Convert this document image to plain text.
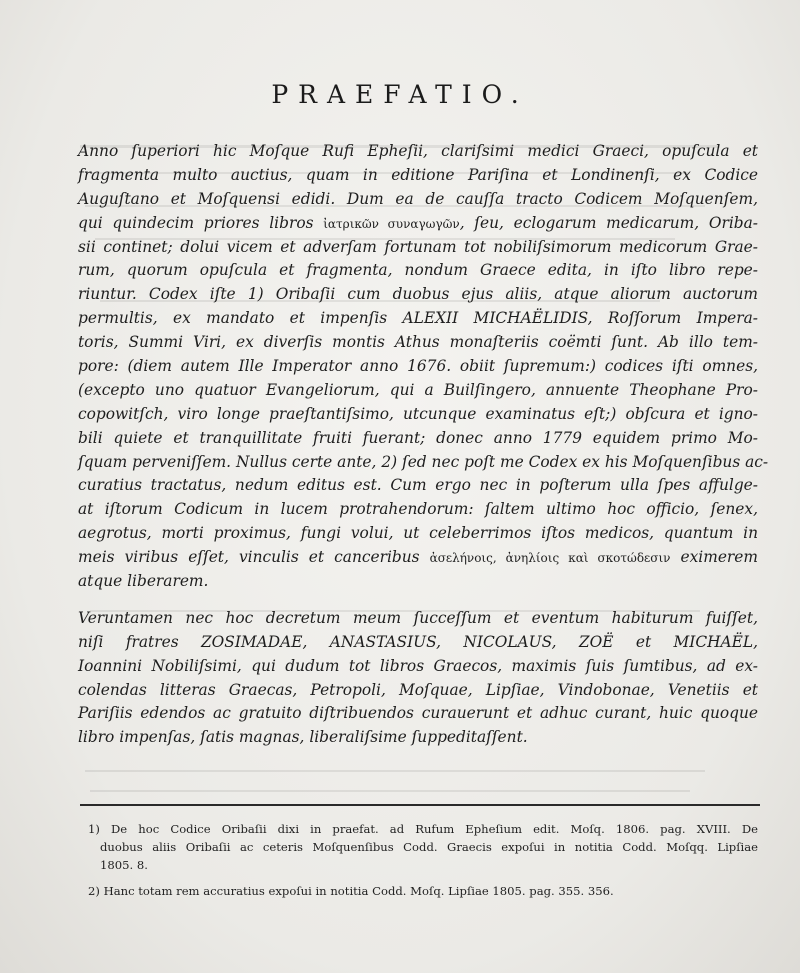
PRAEFATIO.
Anno ſuperiori hic Moſque Rufi Epheſii, clariſsimi medici Graeci, opuſcula et
fragmenta multo auctius, quam in editione Pariſina et Londinenſi, ex Codice
Auguſtano et Moſquensi edidi. Dum ea de cauſſa tracto Codicem Moſquenſem,
qui quindecim priores libros ἰατρικῶν συναγωγῶν, ſeu, eclogarum medicarum, Oriba-
sii continet; dolui vicem et adverſam fortunam tot nobiliſsimorum medicorum Grae-
rum, quorum opuſcula et fragmenta, nondum Graece edita, in iſto libro repe-
riuntur. Codex iſte 1) Oribaſii cum duobus ejus aliis, atque aliorum auctorum
permultis, ex mandato et impenſis ALEXII MICHAËLIDIS, Roſſorum Impera-
toris, Summi Viri, ex diverſis montis Athus monaſteriis coëmti ſunt. Ab illo tem-
pore: (diem autem Ille Imperator anno 1676. obiit ſupremum:) codices iſti omnes,
(excepto uno quatuor Evangeliorum, qui a Builſingero, annuente Theophane Pro-
copowitſch, viro longe praeſtantiſsimo, utcunque examinatus eſt;) obſcura et igno-
bili quiete et tranquillitate fruiti fuerant; donec anno 1779 equidem primo Mo-
ſquam perveniſſem. Nullus certe ante, 2) ſed nec poſt me Codex ex his Moſquenſibus ac-
curatius tractatus, nedum editus est. Cum ergo nec in poſterum ulla ſpes affulge-
at iſtorum Codicum in lucem protrahendorum: ſaltem ultimo hoc officio, ſenex,
aegrotus, morti proximus, fungi volui, ut celeberrimos iſtos medicos, quantum in
meis viribus eſſet, vinculis et canceribus ἀσελήνοις, ἀνηλίοις καὶ σκοτώδεσιν eximerem
atque liberarem.
Veruntamen nec hoc decretum meum ſucceſſum et eventum habiturum fuiſſet,
niſi fratres ZOSIMADAE, ANASTASIUS, NICOLAUS, ZOË et MICHAËL,
Ioannini Nobiliſsimi, qui dudum tot libros Graecos, maximis ſuis ſumtibus, ad ex-
colendas litteras Graecas, Petropoli, Moſquae, Lipſiae, Vindobonae, Venetiis et
Pariſiis edendos ac gratuito diſtribuendos curauerunt et adhuc curant, huic quoque
libro impenſas, ſatis magnas, liberaliſsime ſuppeditaſſent.
1) De hoc Codice Oribaſii dixi in praefat. ad Rufum Epheſium edit. Moſq. 1806. pag. XVIII. De
duobus aliis Oribaſii ac ceteris Moſquenſibus Codd. Graecis expoſui in notitia Codd. Moſqq. Lipſiae
1805. 8.
2) Hanc totam rem accuratius expoſui in notitia Codd. Moſq. Lipſiae 1805. pag. 355. 356.
